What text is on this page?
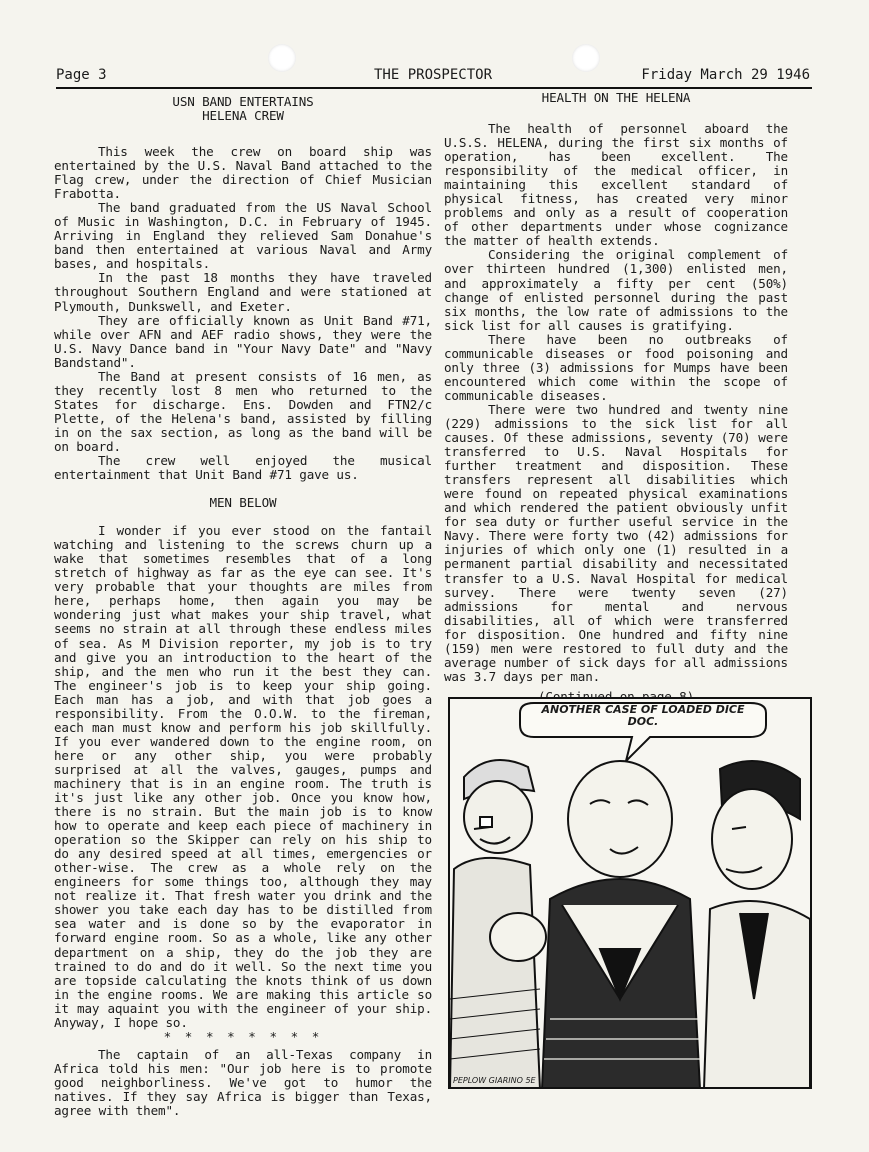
Page 3	THE PROSPECTOR	Friday March 29 1946
USN BAND ENTERTAINS
HELENA CREW

This week the crew on board ship was entertained by the U.S. Naval Band attached to the Flag crew, under the direction of Chief Musician Frabotta.

The band graduated from the US Naval School of Music in Washington, D.C. in February of 1945. Arriving in England they relieved Sam Donahue's band then entertained at various Naval and Army bases, and hospitals.

In the past 18 months they have traveled throughout Southern England and were stationed at Plymouth, Dunkswell, and Exeter.

They are officially known as Unit Band #71, while over AFN and AEF radio shows, they were the U.S. Navy Dance band in "Your Navy Date" and "Navy Bandstand".

The Band at present consists of 16 men, as they recently lost 8 men who returned to the States for discharge. Ens. Dowden and FTN2/c Plette, of the Helena's band, assisted by filling in on the sax section, as long as the band will be on board.

The crew well enjoyed the musical entertainment that Unit Band #71 gave us.

MEN BELOW

I wonder if you ever stood on the fantail watching and listening to the screws churn up a wake that sometimes resembles that of a long stretch of highway as far as the eye can see. It's very probable that your thoughts are miles from here, perhaps home, then again you may be wondering just what makes your ship travel, what seems no strain at all through these endless miles of sea. As M Division reporter, my job is to try and give you an introduction to the heart of the ship, and the men who run it the best they can. The engineer's job is to keep your ship going. Each man has a job, and with that job goes a responsibility. From the O.O.W. to the fireman, each man must know and perform his job skillfully. If you ever wandered down to the engine room, on here or any other ship, you were probably surprised at all the valves, gauges, pumps and machinery that is in an engine room. The truth is it's just like any other job. Once you know how, there is no strain. But the main job is to know how to operate and keep each piece of machinery in operation so the Skipper can rely on his ship to do any desired speed at all times, emergencies or other-wise. The crew as a whole rely on the engineers for some things too, although they may not realize it. That fresh water you drink and the shower you take each day has to be distilled from sea water and is done so by the evaporator in forward engine room. So as a whole, like any other department on a ship, they do the job they are trained to do and do it well. So the next time you are topside calculating the knots think of us down in the engine rooms. We are making this article so it may aquaint you with the engineer of your ship. Anyway, I hope so.

* * * * * * * *

The captain of an all-Texas company in Africa told his men: "Our job here is to promote good neighborliness. We've got to humor the natives. If they say Africa is bigger than Texas, agree with them".

HEALTH ON THE HELENA

The health of personnel aboard the U.S.S. HELENA, during the first six months of operation, has been excellent. The responsibility of the medical officer, in maintaining this excellent standard of physical fitness, has created very minor problems and only as a result of cooperation of other departments under whose cognizance the matter of health extends.

Considering the original complement of over thirteen hundred (1,300) enlisted men, and approximately a fifty per cent (50%) change of enlisted personnel during the past six months, the low rate of admissions to the sick list for all causes is gratifying.

There have been no outbreaks of communicable diseases or food poisoning and only three (3) admissions for Mumps have been encountered which come within the scope of communicable diseases.

There were two hundred and twenty nine (229) admissions to the sick list for all causes. Of these admissions, seventy (70) were transferred to U.S. Naval Hospitals for further treatment and disposition. These transfers represent all disabilities which were found on repeated physical examinations and which rendered the patient obviously unfit for sea duty or further useful service in the Navy. There were forty two (42) admissions for injuries of which only one (1) resulted in a permanent partial disability and necessitated transfer to a U.S. Naval Hospital for medical survey. There were twenty seven (27) admissions for mental and nervous disabilities, all of which were transferred for disposition. One hundred and fifty nine (159) men were restored to full duty and the average number of sick days for all admissions was 3.7 days per man.

ANOTHER CASE OF LOADED DICE DOC.
PEPLOW GIARINO 5E
